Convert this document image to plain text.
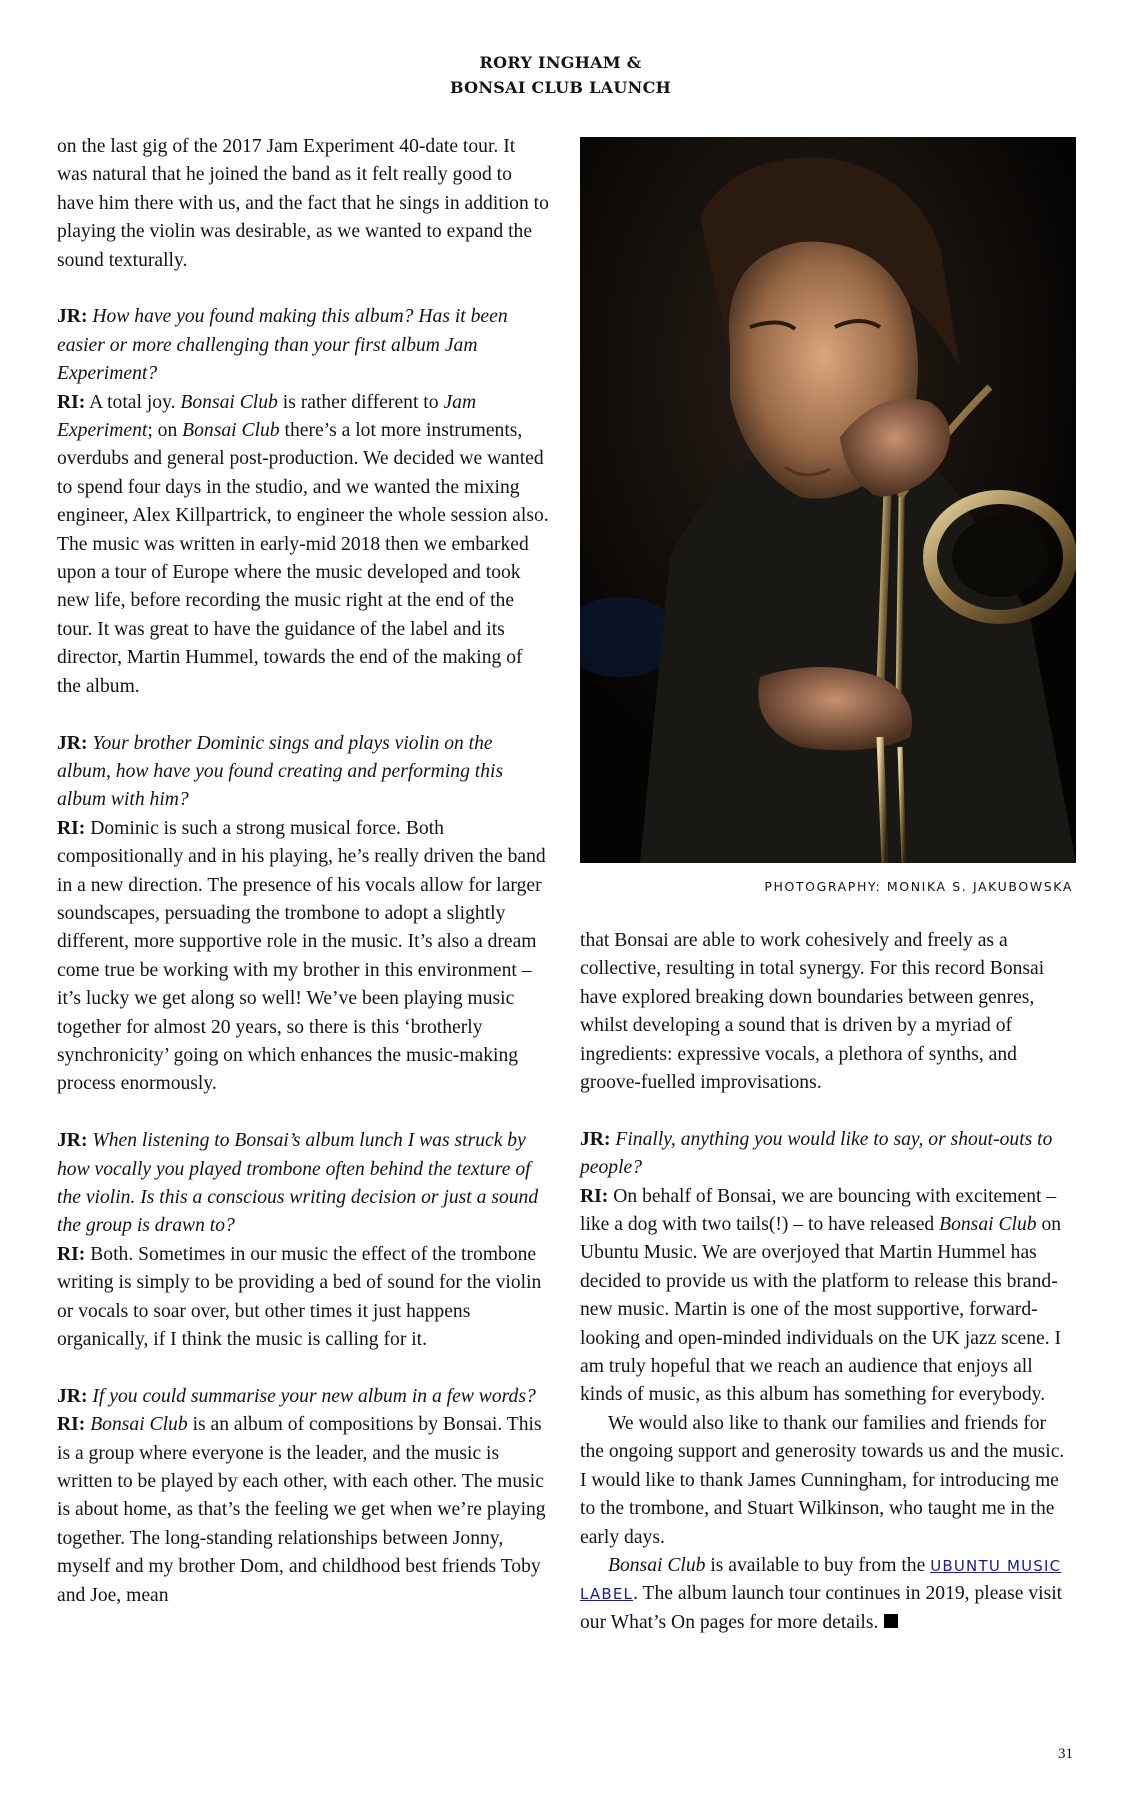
RORY INGHAM &
BONSAI CLUB LAUNCH

on the last gig of the 2017 Jam Experiment 40-date tour. It was natural that he joined the band as it felt really good to have him there with us, and the fact that he sings in addition to playing the violin was desirable, as we wanted to expand the sound texturally.

JR: How have you found making this album? Has it been easier or more challenging than your first album Jam Experiment?

RI: A total joy. Bonsai Club is rather different to Jam Experiment; on Bonsai Club there’s a lot more instruments, overdubs and general post-production. We decided we wanted to spend four days in the studio, and we wanted the mixing engineer, Alex Killpartrick, to engineer the whole session also. The music was written in early-mid 2018 then we embarked upon a tour of Europe where the music developed and took new life, before recording the music right at the end of the tour. It was great to have the guidance of the label and its director, Martin Hummel, towards the end of the making of the album.

JR: Your brother Dominic sings and plays violin on the album, how have you found creating and performing this album with him?

RI: Dominic is such a strong musical force. Both compositionally and in his playing, he’s really driven the band in a new direction. The presence of his vocals allow for larger soundscapes, persuading the trombone to adopt a slightly different, more supportive role in the music. It’s also a dream come true be working with my brother in this environment – it’s lucky we get along so well! We’ve been playing music together for almost 20 years, so there is this ‘brotherly synchronicity’ going on which enhances the music-making process enormously.

JR: When listening to Bonsai’s album lunch I was struck by how vocally you played trombone often behind the texture of the violin. Is this a conscious writing decision or just a sound the group is drawn to?

RI: Both. Sometimes in our music the effect of the trombone writing is simply to be providing a bed of sound for the violin or vocals to soar over, but other times it just happens organically, if I think the music is calling for it.

JR: If you could summarise your new album in a few words?

RI: Bonsai Club is an album of compositions by Bonsai. This is a group where everyone is the leader, and the music is written to be played by each other, with each other. The music is about home, as that’s the feeling we get when we’re playing together. The long-standing relationships between Jonny, myself and my brother Dom, and childhood best friends Toby and Joe, mean

PHOTOGRAPHY: MONIKA S. JAKUBOWSKA

that Bonsai are able to work cohesively and freely as a collective, resulting in total synergy. For this record Bonsai have explored breaking down boundaries between genres, whilst developing a sound that is driven by a myriad of ingredients: expressive vocals, a plethora of synths, and groove-fuelled improvisations.

JR: Finally, anything you would like to say, or shout-outs to people?

RI: On behalf of Bonsai, we are bouncing with excitement – like a dog with two tails(!) – to have released Bonsai Club on Ubuntu Music. We are overjoyed that Martin Hummel has decided to provide us with the platform to release this brand-new music. Martin is one of the most supportive, forward-looking and open-minded individuals on the UK jazz scene. I am truly hopeful that we reach an audience that enjoys all kinds of music, as this album has something for everybody.

We would also like to thank our families and friends for the ongoing support and generosity towards us and the music. I would like to thank James Cunningham, for introducing me to the trombone, and Stuart Wilkinson, who taught me in the early days.

Bonsai Club is available to buy from the UBUNTU MUSIC LABEL. The album launch tour continues in 2019, please visit our What’s On pages for more details.

31
